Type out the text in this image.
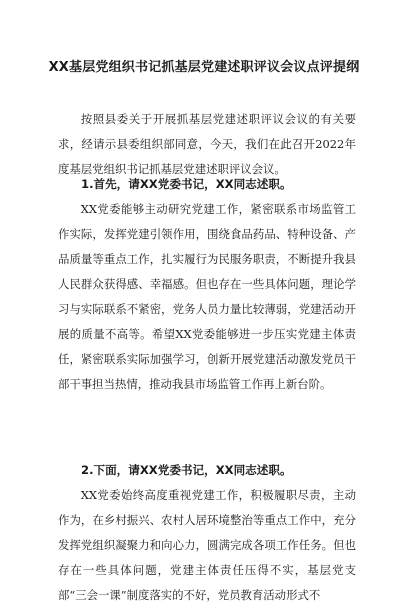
XX基层党组织书记抓基层党建述职评议会议点评提纲

按照县委关于开展抓基层党建述职评议会议的有关要求，经请示县委组织部同意，今天，我们在此召开2022年度基层党组织书记抓基层党建述职评议会议。

1.首先，请XX党委书记，XX同志述职。

XX党委能够主动研究党建工作，紧密联系市场监管工作实际，发挥党建引领作用，围绕食品药品、特种设备、产品质量等重点工作，扎实履行为民服务职责，不断提升我县人民群众获得感、幸福感。但也存在一些具体问题，理论学习与实际联系不紧密，党务人员力量比较薄弱，党建活动开展的质量不高等。希望XX党委能够进一步压实党建主体责任，紧密联系实际加强学习，创新开展党建活动激发党员干部干事担当热情，推动我县市场监管工作再上新台阶。

2.下面，请XX党委书记，XX同志述职。

XX党委始终高度重视党建工作，积极履职尽责，主动作为，在乡村振兴、农村人居环境整治等重点工作中，充分发挥党组织凝聚力和向心力，圆满完成各项工作任务。但也存在一些具体问题，党建主体责任压得不实，基层党支部“三会一课”制度落实的不好，党员教育活动形式不
